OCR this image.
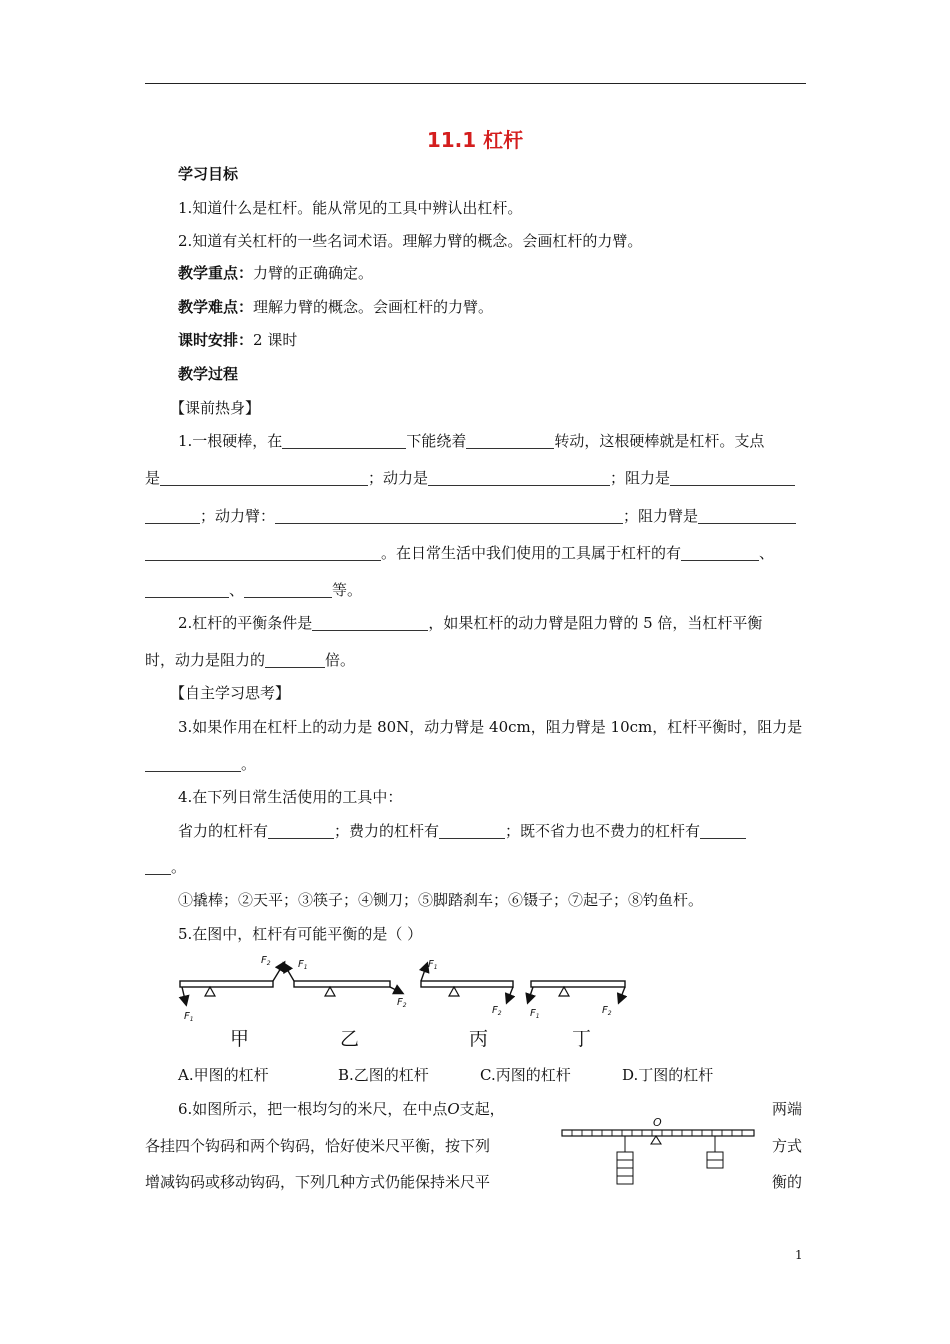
11.1 杠杆
学习目标
1.知道什么是杠杆。能从常见的工具中辨认出杠杆。
2.知道有关杠杆的一些名词术语。理解力臂的概念。会画杠杆的力臂。
教学重点：力臂的正确确定。
教学难点：理解力臂的概念。会画杠杆的力臂。
课时安排：2 课时
教学过程
【课前热身】
1.一根硬棒，在	下能绕着	转动，这根硬棒就是杠杆。支点
是	；动力是	；阻力是
；动力臂：	；阻力臂是
。在日常生活中我们使用的工具属于杠杆的有	、
、	等。
2.杠杆的平衡条件是	，如果杠杆的动力臂是阻力臂的 5 倍，当杠杆平衡
时，动力是阻力的	倍。
【自主学习思考】
3.如果作用在杠杆上的动力是 80N，动力臂是 40cm，阻力臂是 10cm，杠杆平衡时，阻力是
。
4.在下列日常生活使用的工具中：
省力的杠杆有	；费力的杠杆有	；既不省力也不费力的杠杆有
。
①撬棒；②天平；③筷子；④铡刀；⑤脚踏刹车；⑥镊子；⑦起子；⑧钓鱼杆。
5.在图中，杠杆有可能平衡的是（ ）
$F_1$
$F_2$	$F_1$
$F_2$
$F_1$
$F_2$	$F_1$
$F_2$
甲	乙	丙	丁
A.甲图的杠杆	B.乙图的杠杆	C.丙图的杠杆	D.丁图的杠杆
6.如图所示，把一根均匀的米尺，在中点O支起，	两端
各挂四个钩码和两个钩码，恰好使米尺平衡，按下列	方式
增减钩码或移动钩码，下列几种方式仍能保持米尺平	衡的
O
1
